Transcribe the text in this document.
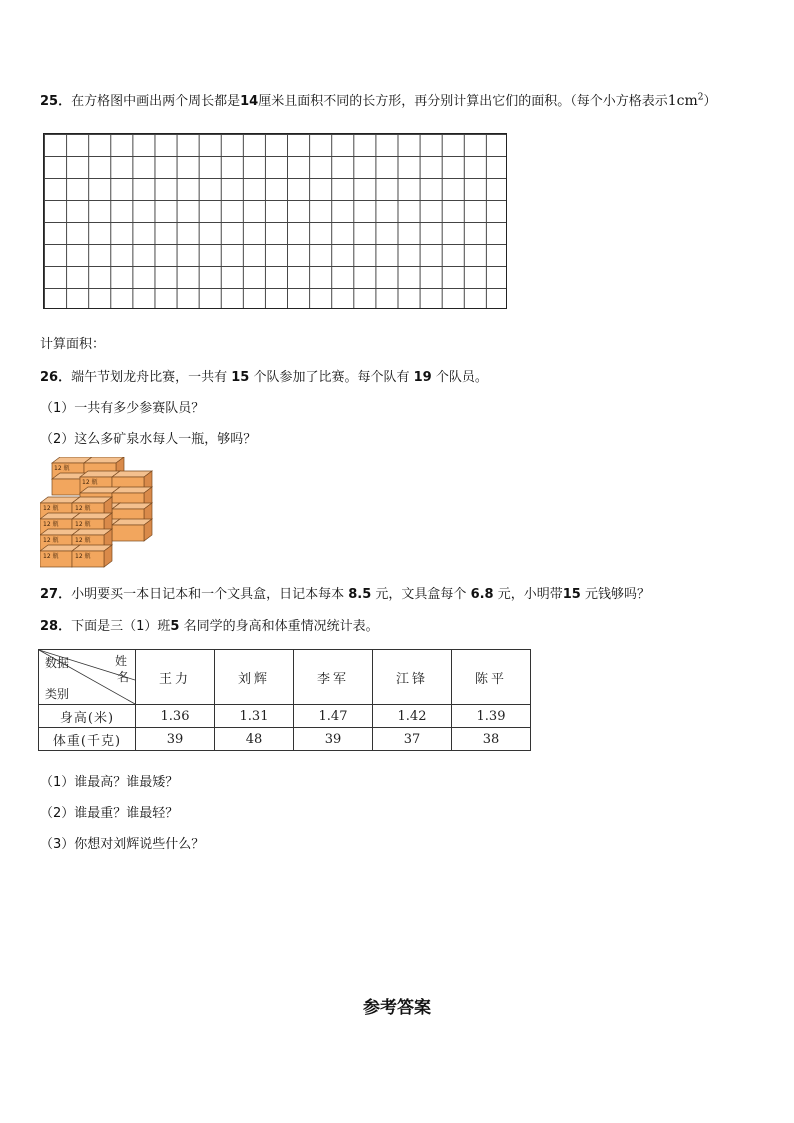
25．在方格图中画出两个周长都是14厘米且面积不同的长方形，再分别计算出它们的面积。（每个小方格表示$1cm^2$）
计算面积：
26．端午节划龙舟比赛，一共有 15 个队参加了比赛。每个队有 19 个队员。
（1）一共有多少参赛队员？
（2）这么多矿泉水每人一瓶，够吗？
12 瓶
12 瓶
12 瓶	12 瓶
12 瓶	12 瓶
12 瓶	12 瓶
12 瓶	12 瓶
27．小明要买一本日记本和一个文具盒，日记本每本 8.5 元，文具盒每个 6.8 元，小明带15 元钱够吗？
28．下面是三（1）班5 名同学的身高和体重情况统计表。
数据 姓
名
类别	王力	刘辉	李军	江锋	陈平
身高(米)	1.36	1.31	1.47	1.42	1.39
体重(千克)	39	48	39	37	38
（1）谁最高？谁最矮？
（2）谁最重？谁最轻？
（3）你想对刘辉说些什么？
参考答案
